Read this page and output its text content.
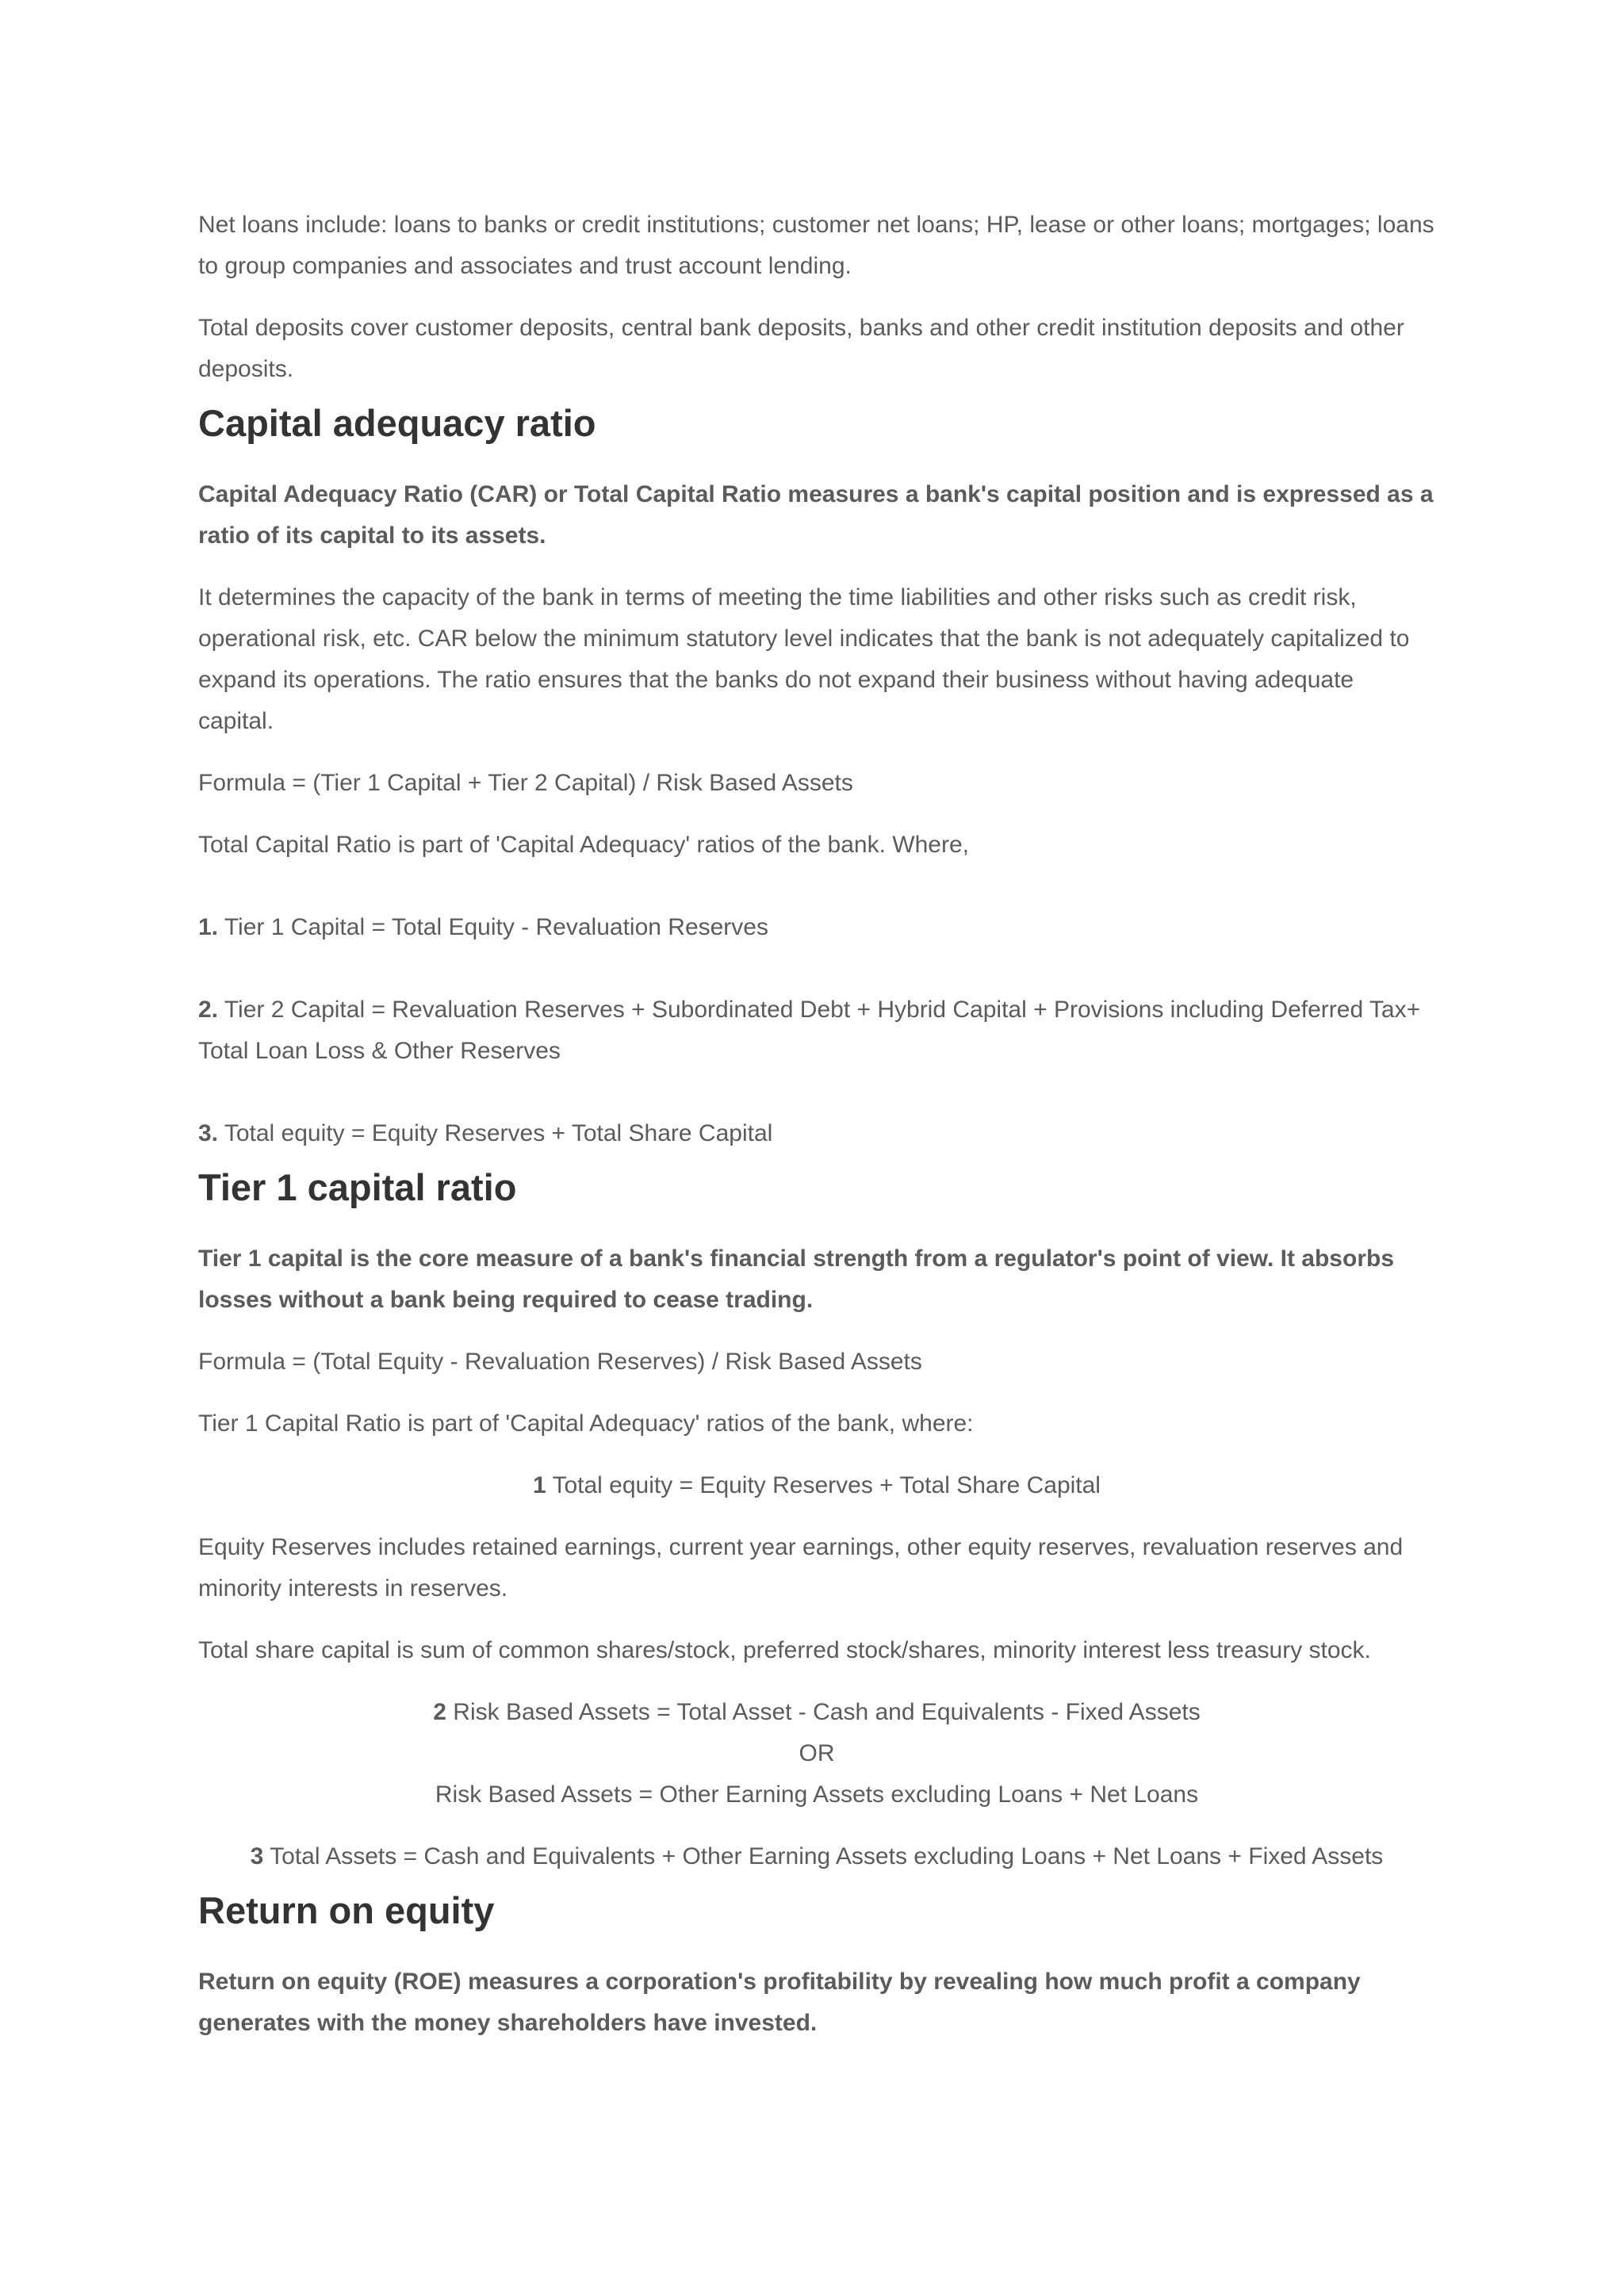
Net loans include: loans to banks or credit institutions; customer net loans; HP, lease or other loans; mortgages; loans to group companies and associates and trust account lending.

Total deposits cover customer deposits, central bank deposits, banks and other credit institution deposits and other deposits.

Capital adequacy ratio

Capital Adequacy Ratio (CAR) or Total Capital Ratio measures a bank's capital position and is expressed as a ratio of its capital to its assets.

It determines the capacity of the bank in terms of meeting the time liabilities and other risks such as credit risk, operational risk, etc. CAR below the minimum statutory level indicates that the bank is not adequately capitalized to expand its operations. The ratio ensures that the banks do not expand their business without having adequate capital.

Formula = (Tier 1 Capital + Tier 2 Capital) / Risk Based Assets

Total Capital Ratio is part of 'Capital Adequacy' ratios of the bank. Where,

1. Tier 1 Capital = Total Equity - Revaluation Reserves

2. Tier 2 Capital = Revaluation Reserves + Subordinated Debt + Hybrid Capital + Provisions including Deferred Tax+ Total Loan Loss & Other Reserves

3. Total equity = Equity Reserves + Total Share Capital

Tier 1 capital ratio

Tier 1 capital is the core measure of a bank's financial strength from a regulator's point of view. It absorbs losses without a bank being required to cease trading.

Formula = (Total Equity - Revaluation Reserves) / Risk Based Assets

Tier 1 Capital Ratio is part of 'Capital Adequacy' ratios of the bank, where:

1 Total equity = Equity Reserves + Total Share Capital

Equity Reserves includes retained earnings, current year earnings, other equity reserves, revaluation reserves and minority interests in reserves.

Total share capital is sum of common shares/stock, preferred stock/shares, minority interest less treasury stock.

2 Risk Based Assets = Total Asset - Cash and Equivalents - Fixed Assets

OR

Risk Based Assets = Other Earning Assets excluding Loans + Net Loans

3 Total Assets = Cash and Equivalents + Other Earning Assets excluding Loans + Net Loans + Fixed Assets

Return on equity

Return on equity (ROE) measures a corporation's profitability by revealing how much profit a company generates with the money shareholders have invested.
